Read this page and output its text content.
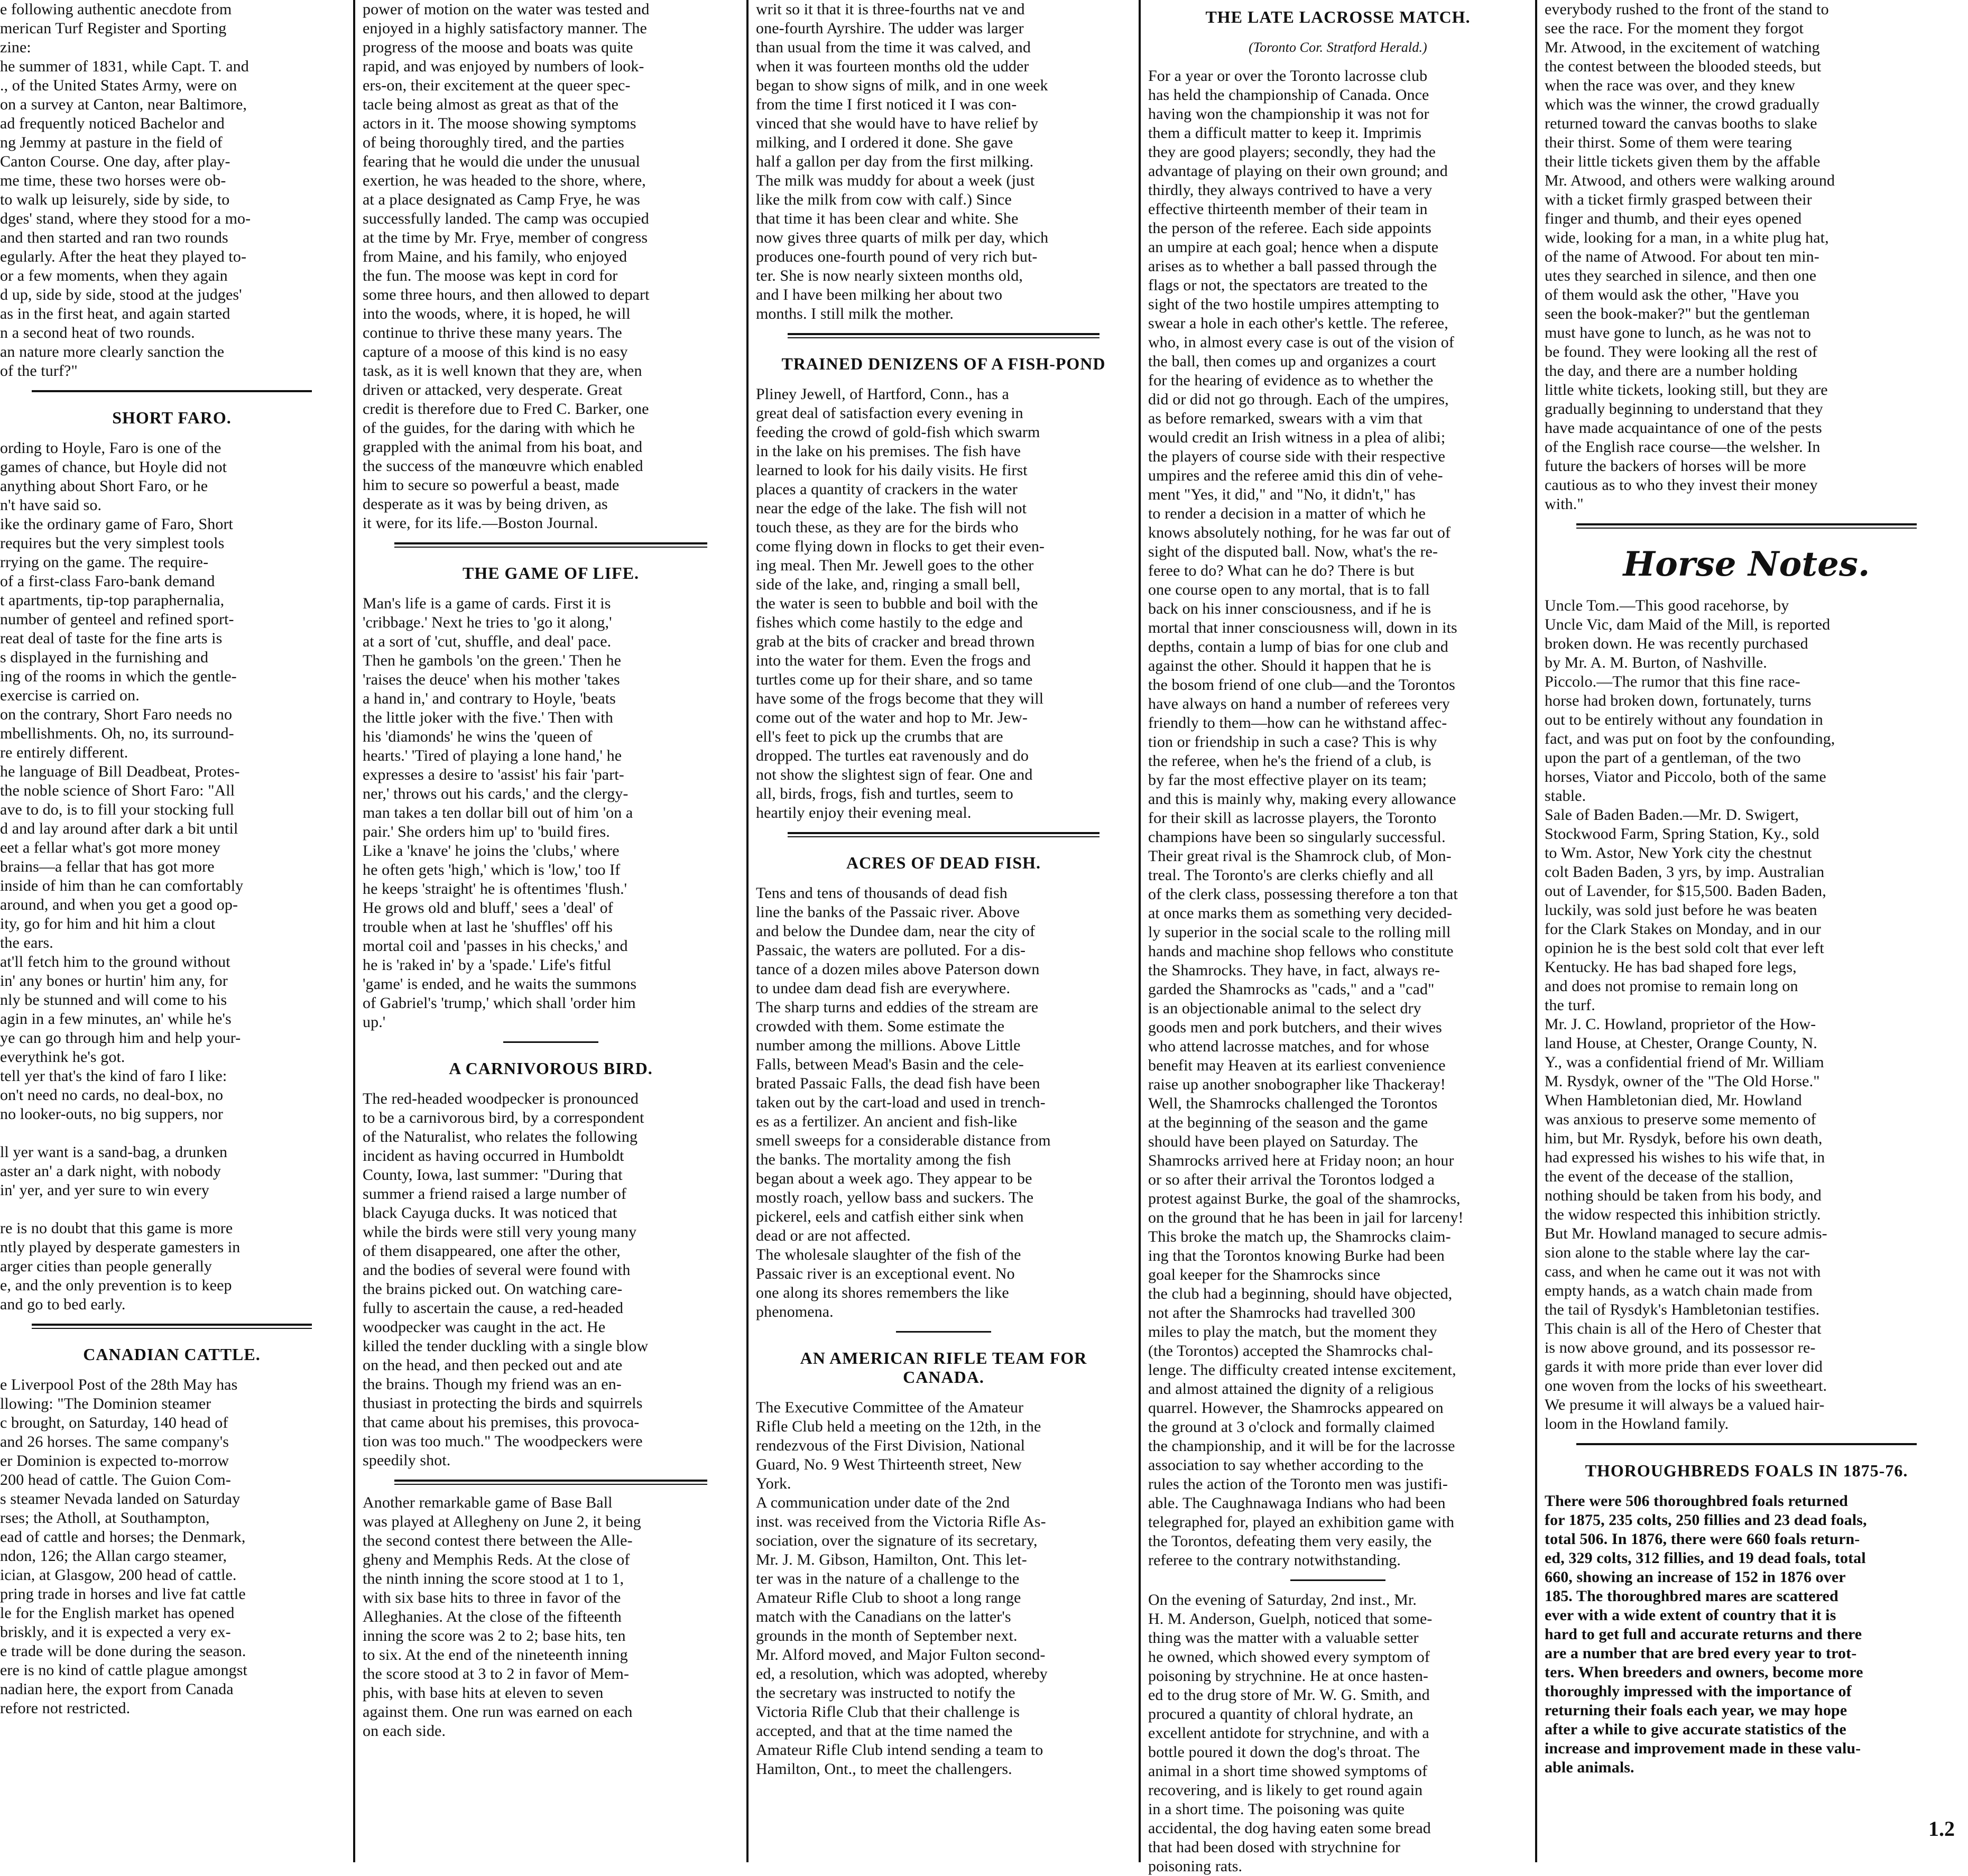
e following authentic anecdote from

merican Turf Register and Sporting

zine:

he summer of 1831, while Capt. T. and

., of the United States Army, were on

on a survey at Canton, near Baltimore,

ad frequently noticed Bachelor and

ng Jemmy at pasture in the field of

Canton Course. One day, after play-

me time, these two horses were ob-

to walk up leisurely, side by side, to

dges' stand, where they stood for a mo-

and then started and ran two rounds

egularly. After the heat they played to-

or a few moments, when they again

d up, side by side, stood at the judges'

as in the first heat, and again started

n a second heat of two rounds.

an nature more clearly sanction the

of the turf?"

SHORT FARO.

ording to Hoyle, Faro is one of the

games of chance, but Hoyle did not

anything about Short Faro, or he

n't have said so.

ike the ordinary game of Faro, Short

requires but the very simplest tools

rrying on the game. The require-

of a first-class Faro-bank demand

t apartments, tip-top paraphernalia,

number of genteel and refined sport-

reat deal of taste for the fine arts is

s displayed in the furnishing and

ing of the rooms in which the gentle-

exercise is carried on.

on the contrary, Short Faro needs no

mbellishments. Oh, no, its surround-

re entirely different.

he language of Bill Deadbeat, Protes-

the noble science of Short Faro: "All

ave to do, is to fill your stocking full

d and lay around after dark a bit until

eet a fellar what's got more money

brains—a fellar that has got more

inside of him than he can comfortably

around, and when you get a good op-

ity, go for him and hit him a clout

the ears.

at'll fetch him to the ground without

in' any bones or hurtin' him any, for

nly be stunned and will come to his

agin in a few minutes, an' while he's

ye can go through him and help your-

everythink he's got.

tell yer that's the kind of faro I like:

on't need no cards, no deal-box, no

no looker-outs, no big suppers, nor

ll yer want is a sand-bag, a drunken

aster an' a dark night, with nobody

in' yer, and yer sure to win every

re is no doubt that this game is more

ntly played by desperate gamesters in

arger cities than people generally

e, and the only prevention is to keep

and go to bed early.

CANADIAN CATTLE.

e Liverpool Post of the 28th May has

llowing: "The Dominion steamer

c brought, on Saturday, 140 head of

and 26 horses. The same company's

er Dominion is expected to-morrow

200 head of cattle. The Guion Com-

s steamer Nevada landed on Saturday

rses; the Atholl, at Southampton,

ead of cattle and horses; the Denmark,

ndon, 126; the Allan cargo steamer,

ician, at Glasgow, 200 head of cattle.

pring trade in horses and live fat cattle

le for the English market has opened

briskly, and it is expected a very ex-

e trade will be done during the season.

ere is no kind of cattle plague amongst

nadian here, the export from Canada

refore not restricted.

power of motion on the water was tested and

enjoyed in a highly satisfactory manner. The

progress of the moose and boats was quite

rapid, and was enjoyed by numbers of look-

ers-on, their excitement at the queer spec-

tacle being almost as great as that of the

actors in it. The moose showing symptoms

of being thoroughly tired, and the parties

fearing that he would die under the unusual

exertion, he was headed to the shore, where,

at a place designated as Camp Frye, he was

successfully landed. The camp was occupied

at the time by Mr. Frye, member of congress

from Maine, and his family, who enjoyed

the fun. The moose was kept in cord for

some three hours, and then allowed to depart

into the woods, where, it is hoped, he will

continue to thrive these many years. The

capture of a moose of this kind is no easy

task, as it is well known that they are, when

driven or attacked, very desperate. Great

credit is therefore due to Fred C. Barker, one

of the guides, for the daring with which he

grappled with the animal from his boat, and

the success of the manœuvre which enabled

him to secure so powerful a beast, made

desperate as it was by being driven, as

it were, for its life.—Boston Journal.

THE GAME OF LIFE.

Man's life is a game of cards. First it is

'cribbage.' Next he tries to 'go it along,'

at a sort of 'cut, shuffle, and deal' pace.

Then he gambols 'on the green.' Then he

'raises the deuce' when his mother 'takes

a hand in,' and contrary to Hoyle, 'beats

the little joker with the five.' Then with

his 'diamonds' he wins the 'queen of

hearts.' 'Tired of playing a lone hand,' he

expresses a desire to 'assist' his fair 'part-

ner,' throws out his cards,' and the clergy-

man takes a ten dollar bill out of him 'on a

pair.' She orders him up' to 'build fires.

Like a 'knave' he joins the 'clubs,' where

he often gets 'high,' which is 'low,' too If

he keeps 'straight' he is oftentimes 'flush.'

He grows old and bluff,' sees a 'deal' of

trouble when at last he 'shuffles' off his

mortal coil and 'passes in his checks,' and

he is 'raked in' by a 'spade.' Life's fitful

'game' is ended, and he waits the summons

of Gabriel's 'trump,' which shall 'order him

up.'

A CARNIVOROUS BIRD.

The red-headed woodpecker is pronounced

to be a carnivorous bird, by a correspondent

of the Naturalist, who relates the following

incident as having occurred in Humboldt

County, Iowa, last summer: "During that

summer a friend raised a large number of

black Cayuga ducks. It was noticed that

while the birds were still very young many

of them disappeared, one after the other,

and the bodies of several were found with

the brains picked out. On watching care-

fully to ascertain the cause, a red-headed

woodpecker was caught in the act. He

killed the tender duckling with a single blow

on the head, and then pecked out and ate

the brains. Though my friend was an en-

thusiast in protecting the birds and squirrels

that came about his premises, this provoca-

tion was too much." The woodpeckers were

speedily shot.

Another remarkable game of Base Ball

was played at Allegheny on June 2, it being

the second contest there between the Alle-

gheny and Memphis Reds. At the close of

the ninth inning the score stood at 1 to 1,

with six base hits to three in favor of the

Alleghanies. At the close of the fifteenth

inning the score was 2 to 2; base hits, ten

to six. At the end of the nineteenth inning

the score stood at 3 to 2 in favor of Mem-

phis, with base hits at eleven to seven

against them. One run was earned on each

on each side.

writ so it that it is three-fourths nat ve and

one-fourth Ayrshire. The udder was larger

than usual from the time it was calved, and

when it was fourteen months old the udder

began to show signs of milk, and in one week

from the time I first noticed it I was con-

vinced that she would have to have relief by

milking, and I ordered it done. She gave

half a gallon per day from the first milking.

The milk was muddy for about a week (just

like the milk from cow with calf.) Since

that time it has been clear and white. She

now gives three quarts of milk per day, which

produces one-fourth pound of very rich but-

ter. She is now nearly sixteen months old,

and I have been milking her about two

months. I still milk the mother.

TRAINED DENIZENS OF A FISH-POND

Pliney Jewell, of Hartford, Conn., has a

great deal of satisfaction every evening in

feeding the crowd of gold-fish which swarm

in the lake on his premises. The fish have

learned to look for his daily visits. He first

places a quantity of crackers in the water

near the edge of the lake. The fish will not

touch these, as they are for the birds who

come flying down in flocks to get their even-

ing meal. Then Mr. Jewell goes to the other

side of the lake, and, ringing a small bell,

the water is seen to bubble and boil with the

fishes which come hastily to the edge and

grab at the bits of cracker and bread thrown

into the water for them. Even the frogs and

turtles come up for their share, and so tame

have some of the frogs become that they will

come out of the water and hop to Mr. Jew-

ell's feet to pick up the crumbs that are

dropped. The turtles eat ravenously and do

not show the slightest sign of fear. One and

all, birds, frogs, fish and turtles, seem to

heartily enjoy their evening meal.

ACRES OF DEAD FISH.

Tens and tens of thousands of dead fish

line the banks of the Passaic river. Above

and below the Dundee dam, near the city of

Passaic, the waters are polluted. For a dis-

tance of a dozen miles above Paterson down

to undee dam dead fish are everywhere.

The sharp turns and eddies of the stream are

crowded with them. Some estimate the

number among the millions. Above Little

Falls, between Mead's Basin and the cele-

brated Passaic Falls, the dead fish have been

taken out by the cart-load and used in trench-

es as a fertilizer. An ancient and fish-like

smell sweeps for a considerable distance from

the banks. The mortality among the fish

began about a week ago. They appear to be

mostly roach, yellow bass and suckers. The

pickerel, eels and catfish either sink when

dead or are not affected.

The wholesale slaughter of the fish of the

Passaic river is an exceptional event. No

one along its shores remembers the like

phenomena.

AN AMERICAN RIFLE TEAM FOR
CANADA.

The Executive Committee of the Amateur

Rifle Club held a meeting on the 12th, in the

rendezvous of the First Division, National

Guard, No. 9 West Thirteenth street, New

York.

A communication under date of the 2nd

inst. was received from the Victoria Rifle As-

sociation, over the signature of its secretary,

Mr. J. M. Gibson, Hamilton, Ont. This let-

ter was in the nature of a challenge to the

Amateur Rifle Club to shoot a long range

match with the Canadians on the latter's

grounds in the month of September next.

Mr. Alford moved, and Major Fulton second-

ed, a resolution, which was adopted, whereby

the secretary was instructed to notify the

Victoria Rifle Club that their challenge is

accepted, and that at the time named the

Amateur Rifle Club intend sending a team to

Hamilton, Ont., to meet the challengers.

THE LATE LACROSSE MATCH.
(Toronto Cor. Stratford Herald.)

For a year or over the Toronto lacrosse club

has held the championship of Canada. Once

having won the championship it was not for

them a difficult matter to keep it. Imprimis

they are good players; secondly, they had the

advantage of playing on their own ground; and

thirdly, they always contrived to have a very

effective thirteenth member of their team in

the person of the referee. Each side appoints

an umpire at each goal; hence when a dispute

arises as to whether a ball passed through the

flags or not, the spectators are treated to the

sight of the two hostile umpires attempting to

swear a hole in each other's kettle. The referee,

who, in almost every case is out of the vision of

the ball, then comes up and organizes a court

for the hearing of evidence as to whether the

did or did not go through. Each of the umpires,

as before remarked, swears with a vim that

would credit an Irish witness in a plea of alibi;

the players of course side with their respective

umpires and the referee amid this din of vehe-

ment "Yes, it did," and "No, it didn't," has

to render a decision in a matter of which he

knows absolutely nothing, for he was far out of

sight of the disputed ball. Now, what's the re-

feree to do? What can he do? There is but

one course open to any mortal, that is to fall

back on his inner consciousness, and if he is

mortal that inner consciousness will, down in its

depths, contain a lump of bias for one club and

against the other. Should it happen that he is

the bosom friend of one club—and the Torontos

have always on hand a number of referees very

friendly to them—how can he withstand affec-

tion or friendship in such a case? This is why

the referee, when he's the friend of a club, is

by far the most effective player on its team;

and this is mainly why, making every allowance

for their skill as lacrosse players, the Toronto

champions have been so singularly successful.

Their great rival is the Shamrock club, of Mon-

treal. The Toronto's are clerks chiefly and all

of the clerk class, possessing therefore a ton that

at once marks them as something very decided-

ly superior in the social scale to the rolling mill

hands and machine shop fellows who constitute

the Shamrocks. They have, in fact, always re-

garded the Shamrocks as "cads," and a "cad"

is an objectionable animal to the select dry

goods men and pork butchers, and their wives

who attend lacrosse matches, and for whose

benefit may Heaven at its earliest convenience

raise up another snobographer like Thackeray!

Well, the Shamrocks challenged the Torontos

at the beginning of the season and the game

should have been played on Saturday. The

Shamrocks arrived here at Friday noon; an hour

or so after their arrival the Torontos lodged a

protest against Burke, the goal of the shamrocks,

on the ground that he has been in jail for larceny!

This broke the match up, the Shamrocks claim-

ing that the Torontos knowing Burke had been

goal keeper for the Shamrocks since

the club had a beginning, should have objected,

not after the Shamrocks had travelled 300

miles to play the match, but the moment they

(the Torontos) accepted the Shamrocks chal-

lenge. The difficulty created intense excitement,

and almost attained the dignity of a religious

quarrel. However, the Shamrocks appeared on

the ground at 3 o'clock and formally claimed

the championship, and it will be for the lacrosse

association to say whether according to the

rules the action of the Toronto men was justifi-

able. The Caughnawaga Indians who had been

telegraphed for, played an exhibition game with

the Torontos, defeating them very easily, the

referee to the contrary notwithstanding.

On the evening of Saturday, 2nd inst., Mr.

H. M. Anderson, Guelph, noticed that some-

thing was the matter with a valuable setter

he owned, which showed every symptom of

poisoning by strychnine. He at once hasten-

ed to the drug store of Mr. W. G. Smith, and

procured a quantity of chloral hydrate, an

excellent antidote for strychnine, and with a

bottle poured it down the dog's throat. The

animal in a short time showed symptoms of

recovering, and is likely to get round again

in a short time. The poisoning was quite

accidental, the dog having eaten some bread

that had been dosed with strychnine for

poisoning rats.

everybody rushed to the front of the stand to

see the race. For the moment they forgot

Mr. Atwood, in the excitement of watching

the contest between the blooded steeds, but

when the race was over, and they knew

which was the winner, the crowd gradually

returned toward the canvas booths to slake

their thirst. Some of them were tearing

their little tickets given them by the affable

Mr. Atwood, and others were walking around

with a ticket firmly grasped between their

finger and thumb, and their eyes opened

wide, looking for a man, in a white plug hat,

of the name of Atwood. For about ten min-

utes they searched in silence, and then one

of them would ask the other, "Have you

seen the book-maker?" but the gentleman

must have gone to lunch, as he was not to

be found. They were looking all the rest of

the day, and there are a number holding

little white tickets, looking still, but they are

gradually beginning to understand that they

have made acquaintance of one of the pests

of the English race course—the welsher. In

future the backers of horses will be more

cautious as to who they invest their money

with."

Horse Notes.

Uncle Tom.—This good racehorse, by

Uncle Vic, dam Maid of the Mill, is reported

broken down. He was recently purchased

by Mr. A. M. Burton, of Nashville.

Piccolo.—The rumor that this fine race-

horse had broken down, fortunately, turns

out to be entirely without any foundation in

fact, and was put on foot by the confounding,

upon the part of a gentleman, of the two

horses, Viator and Piccolo, both of the same

stable.

Sale of Baden Baden.—Mr. D. Swigert,

Stockwood Farm, Spring Station, Ky., sold

to Wm. Astor, New York city the chestnut

colt Baden Baden, 3 yrs, by imp. Australian

out of Lavender, for $15,500. Baden Baden,

luckily, was sold just before he was beaten

for the Clark Stakes on Monday, and in our

opinion he is the best sold colt that ever left

Kentucky. He has bad shaped fore legs,

and does not promise to remain long on

the turf.

Mr. J. C. Howland, proprietor of the How-

land House, at Chester, Orange County, N.

Y., was a confidential friend of Mr. William

M. Rysdyk, owner of the "The Old Horse."

When Hambletonian died, Mr. Howland

was anxious to preserve some memento of

him, but Mr. Rysdyk, before his own death,

had expressed his wishes to his wife that, in

the event of the decease of the stallion,

nothing should be taken from his body, and

the widow respected this inhibition strictly.

But Mr. Howland managed to secure admis-

sion alone to the stable where lay the car-

cass, and when he came out it was not with

empty hands, as a watch chain made from

the tail of Rysdyk's Hambletonian testifies.

This chain is all of the Hero of Chester that

is now above ground, and its possessor re-

gards it with more pride than ever lover did

one woven from the locks of his sweetheart.

We presume it will always be a valued hair-

loom in the Howland family.

THOROUGHBREDS FOALS IN 1875-76.

There were 506 thoroughbred foals returned

for 1875, 235 colts, 250 fillies and 23 dead foals,

total 506. In 1876, there were 660 foals return-

ed, 329 colts, 312 fillies, and 19 dead foals, total

660, showing an increase of 152 in 1876 over

185. The thoroughbred mares are scattered

ever with a wide extent of country that it is

hard to get full and accurate returns and there

are a number that are bred every year to trot-

ters. When breeders and owners, become more

thoroughly impressed with the importance of

returning their foals each year, we may hope

after a while to give accurate statistics of the

increase and improvement made in these valu-

able animals.

1.2
